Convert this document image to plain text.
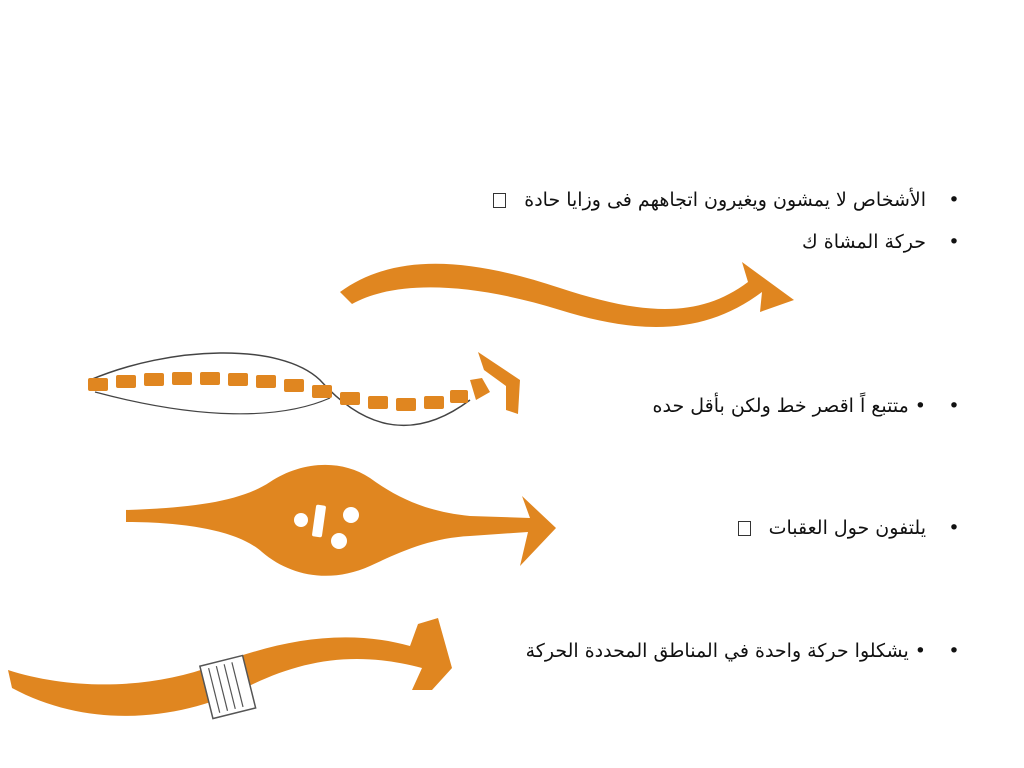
•
الأشخاص لا يمشون ويغيرون اتجاههم فى وزايا حادة
•
حركة المشاة ك
•
•متتبع اً اقصر خط ولكن بأقل حده
•
يلتفون حول العقبات
•
•يشكلوا حركة واحدة في المناطق المحددة الحركة
